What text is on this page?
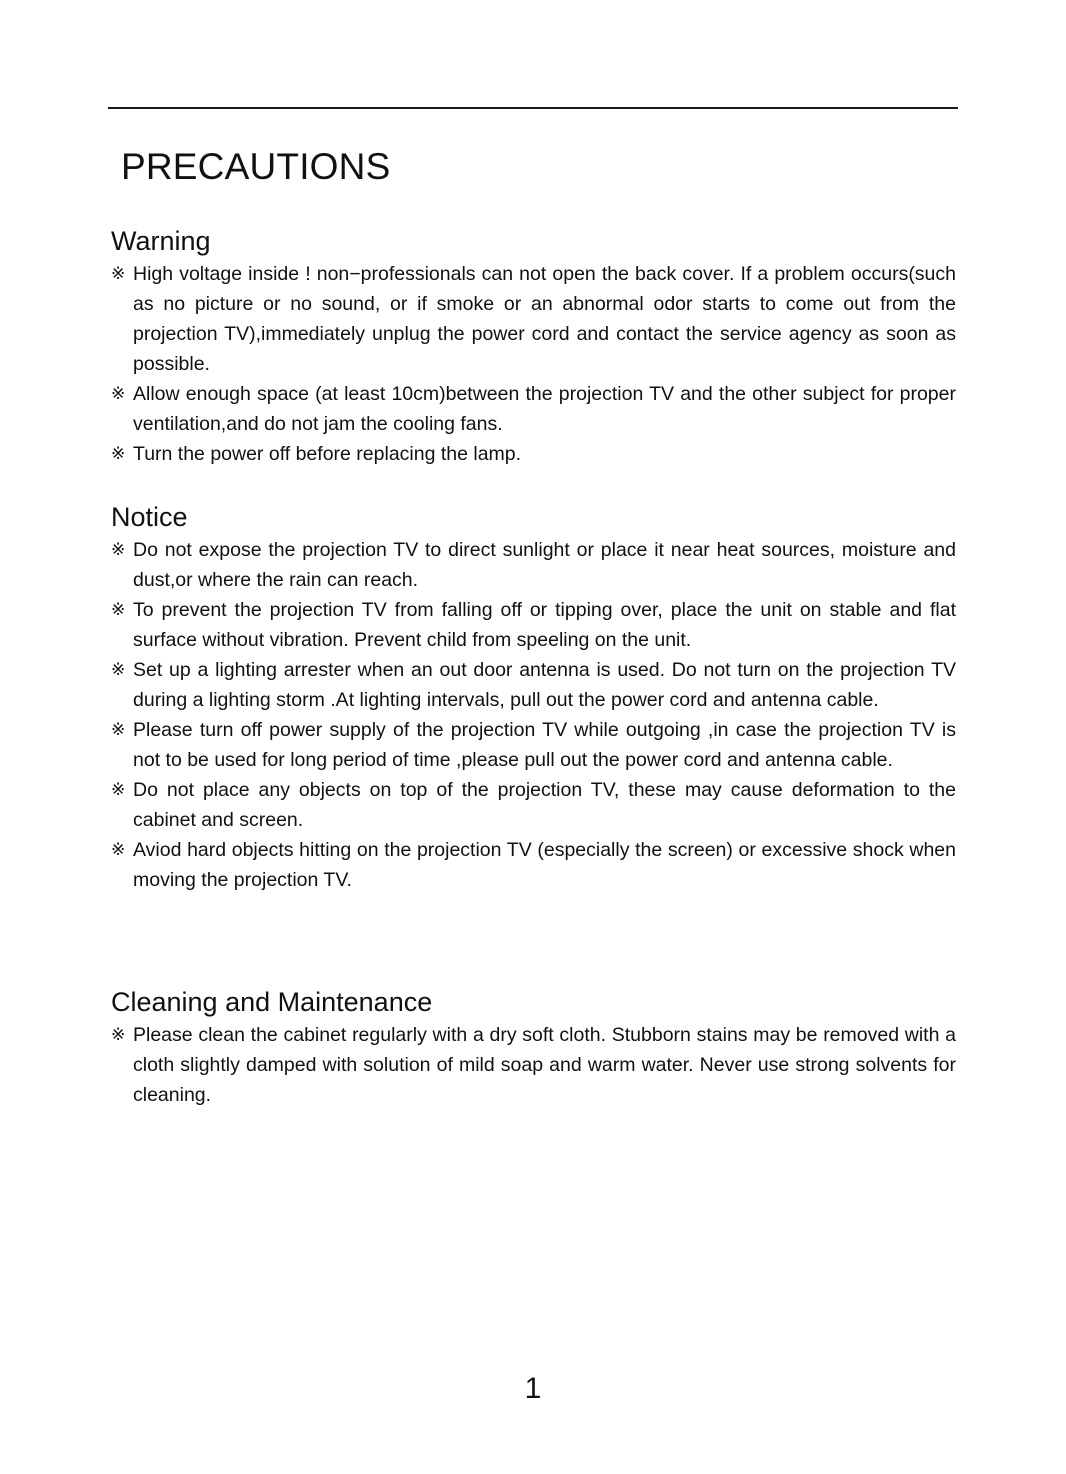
PRECAUTIONS
Warning
※ High voltage inside ! non−professionals can not open the back cover. If a problem occurs(such as no picture or no sound, or if smoke or an abnormal odor starts to come out from the projection TV),immediately unplug the power cord and contact the service agency as soon as possible.
※ Allow enough space (at least 10cm)between the projection TV and the other subject for proper ventilation,and do not jam the cooling fans.
※ Turn the power off before replacing the lamp.
Notice
※ Do not expose the projection TV to direct sunlight or place it near heat sources, moisture and dust,or where the rain can reach.
※ To prevent the projection TV from falling off or tipping over, place the unit on stable and flat surface without vibration. Prevent child from speeling on the unit.
※ Set up a lighting arrester when an out door antenna is used. Do not turn on the projection TV during a lighting storm .At lighting intervals, pull out the power cord and antenna cable.
※ Please turn off power supply of the projection TV while outgoing ,in case the projection TV is not to be used for long period of time ,please pull out the power cord and antenna cable.
※ Do not place any objects on top of the projection TV, these may cause deformation to the cabinet and screen.
※ Aviod hard objects hitting on the projection TV (especially the screen) or excessive shock when moving the projection TV.
Cleaning and Maintenance
※ Please clean the cabinet regularly with a dry soft cloth. Stubborn stains may be removed with a cloth slightly damped with solution of mild soap and warm water. Never use strong solvents for cleaning.
1
